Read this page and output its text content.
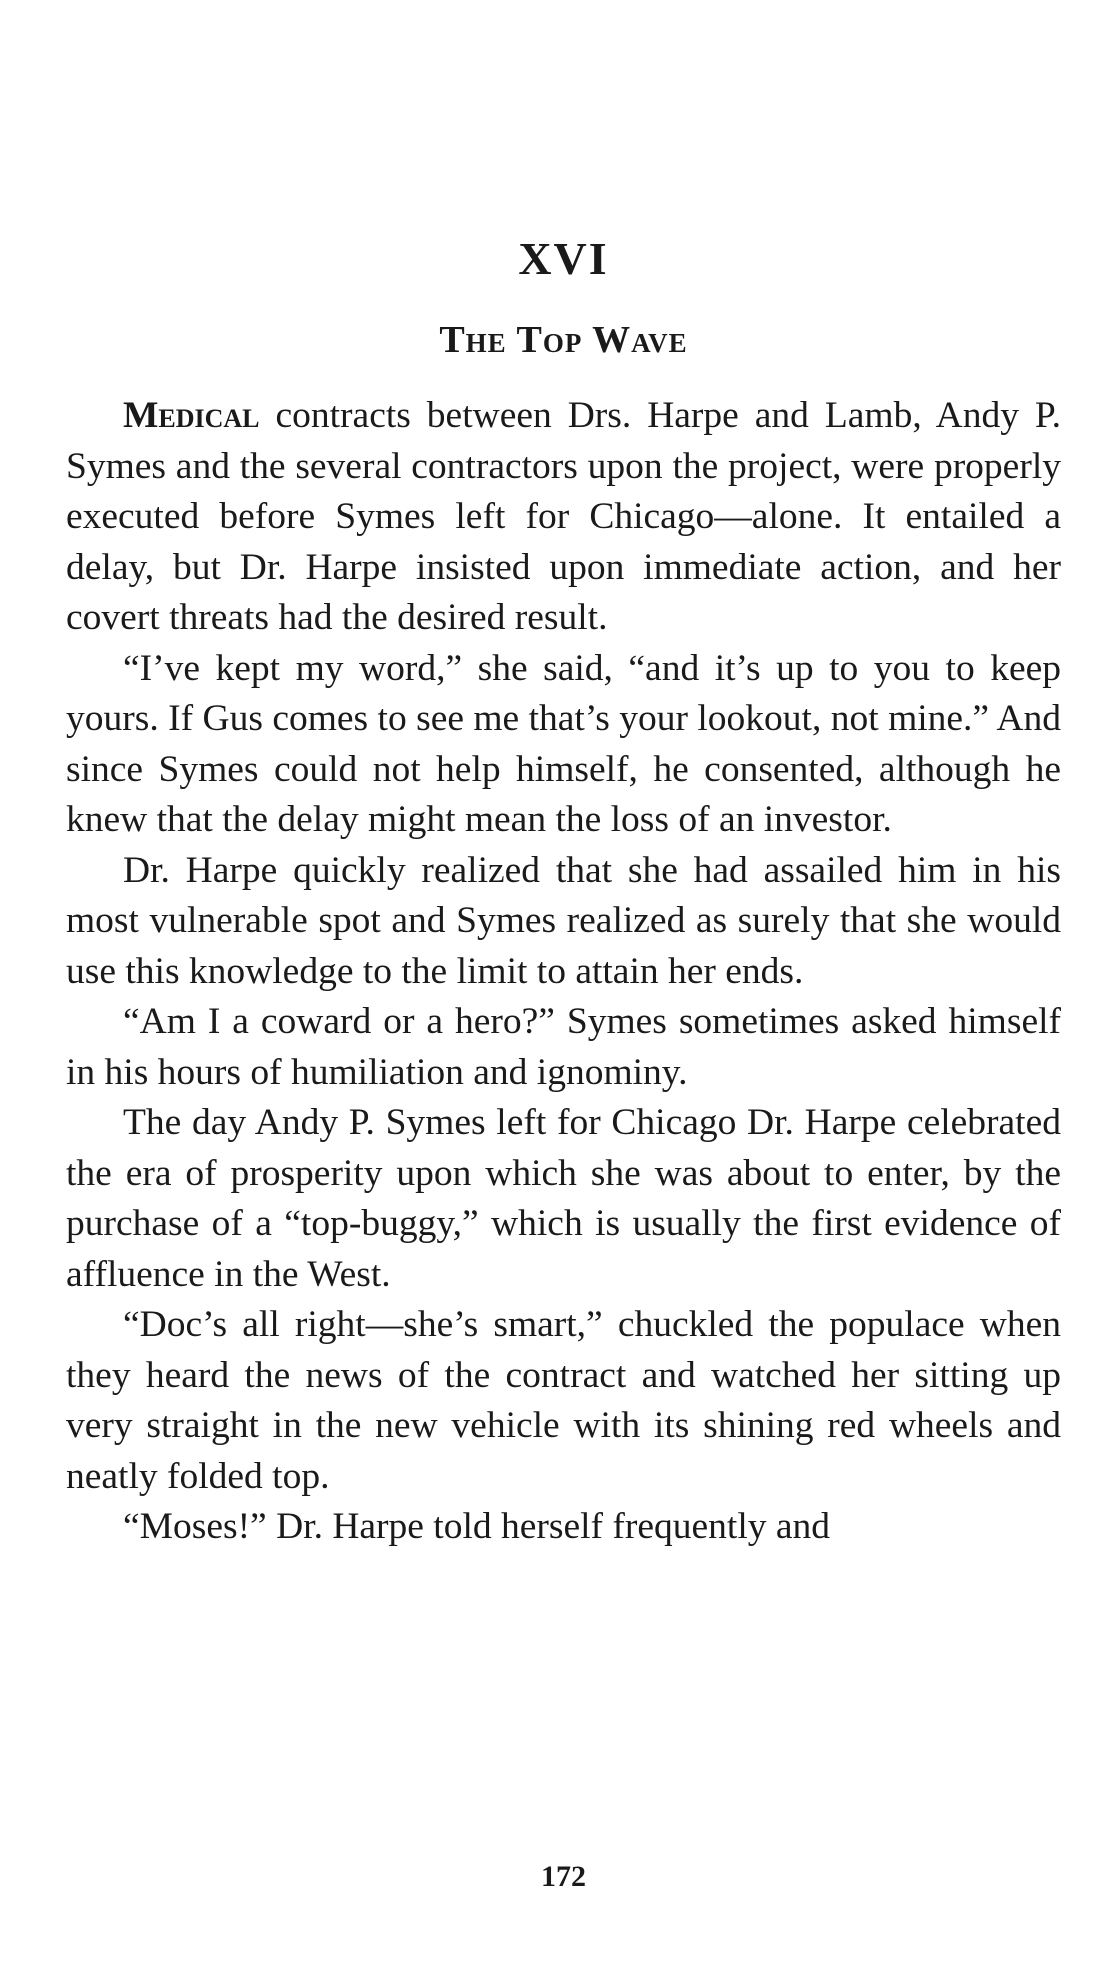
XVI
The Top Wave

Medical contracts between Drs. Harpe and Lamb, Andy P. Symes and the several contractors upon the project, were properly executed before Symes left for Chicago—alone. It entailed a delay, but Dr. Harpe insisted upon immediate action, and her covert threats had the desired result.

“I’ve kept my word,” she said, “and it’s up to you to keep yours. If Gus comes to see me that’s your lookout, not mine.” And since Symes could not help himself, he consented, although he knew that the delay might mean the loss of an investor.

Dr. Harpe quickly realized that she had assailed him in his most vulnerable spot and Symes realized as surely that she would use this knowledge to the limit to attain her ends.

“Am I a coward or a hero?” Symes sometimes asked himself in his hours of humiliation and ignominy.

The day Andy P. Symes left for Chicago Dr. Harpe celebrated the era of prosperity upon which she was about to enter, by the purchase of a “top-buggy,” which is usually the first evidence of affluence in the West.

“Doc’s all right—she’s smart,” chuckled the populace when they heard the news of the contract and watched her sitting up very straight in the new vehicle with its shining red wheels and neatly folded top.

“Moses!” Dr. Harpe told herself frequently and

172
